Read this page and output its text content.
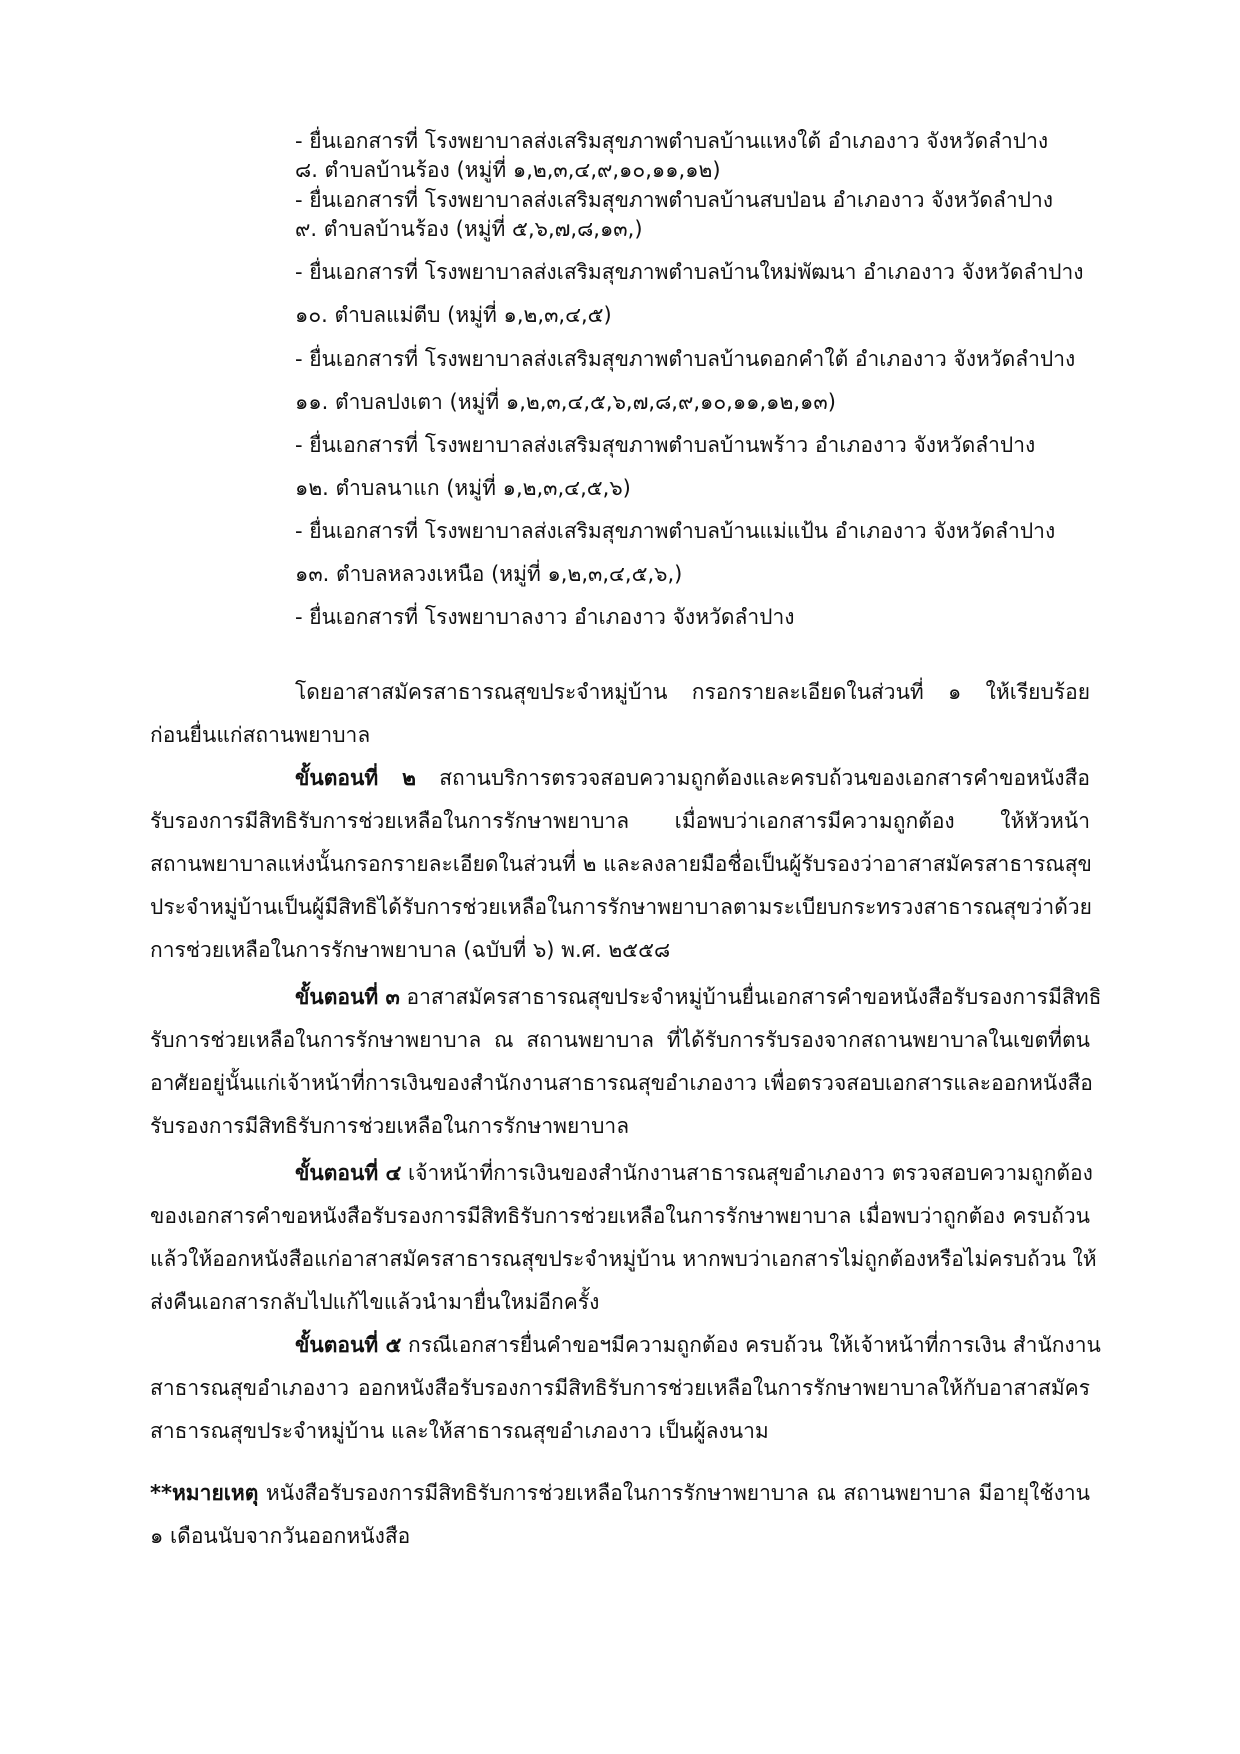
- ยื่นเอกสารที่ โรงพยาบาลส่งเสริมสุขภาพตำบลบ้านแหงใต้ อำเภองาว จังหวัดลำปาง

๘. ตำบลบ้านร้อง (หมู่ที่ ๑,๒,๓,๔,๙,๑๐,๑๑,๑๒)

- ยื่นเอกสารที่ โรงพยาบาลส่งเสริมสุขภาพตำบลบ้านสบป่อน อำเภองาว จังหวัดลำปาง

๙. ตำบลบ้านร้อง (หมู่ที่ ๕,๖,๗,๘,๑๓,)

- ยื่นเอกสารที่ โรงพยาบาลส่งเสริมสุขภาพตำบลบ้านใหม่พัฒนา อำเภองาว จังหวัดลำปาง

๑๐. ตำบลแม่ตีบ (หมู่ที่ ๑,๒,๓,๔,๕)

- ยื่นเอกสารที่ โรงพยาบาลส่งเสริมสุขภาพตำบลบ้านดอกคำใต้ อำเภองาว จังหวัดลำปาง

๑๑. ตำบลปงเตา (หมู่ที่ ๑,๒,๓,๔,๕,๖,๗,๘,๙,๑๐,๑๑,๑๒,๑๓)

- ยื่นเอกสารที่ โรงพยาบาลส่งเสริมสุขภาพตำบลบ้านพร้าว อำเภองาว จังหวัดลำปาง

๑๒. ตำบลนาแก (หมู่ที่ ๑,๒,๓,๔,๕,๖)

- ยื่นเอกสารที่ โรงพยาบาลส่งเสริมสุขภาพตำบลบ้านแม่แป้น อำเภองาว จังหวัดลำปาง

๑๓. ตำบลหลวงเหนือ (หมู่ที่ ๑,๒,๓,๔,๕,๖,)

- ยื่นเอกสารที่ โรงพยาบาลงาว อำเภองาว จังหวัดลำปาง

โดยอาสาสมัครสาธารณสุขประจำหมู่บ้าน กรอกรายละเอียดในส่วนที่ ๑ ให้เรียบร้อย

ก่อนยื่นแก่สถานพยาบาล

ขั้นตอนที่ ๒ สถานบริการตรวจสอบความถูกต้องและครบถ้วนของเอกสารคำขอหนังสือ

รับรองการมีสิทธิรับการช่วยเหลือในการรักษาพยาบาล เมื่อพบว่าเอกสารมีความถูกต้อง ให้หัวหน้า

สถานพยาบาลแห่งนั้นกรอกรายละเอียดในส่วนที่ ๒ และลงลายมือชื่อเป็นผู้รับรองว่าอาสาสมัครสาธารณสุข

ประจำหมู่บ้านเป็นผู้มีสิทธิได้รับการช่วยเหลือในการรักษาพยาบาลตามระเบียบกระทรวงสาธารณสุขว่าด้วย

การช่วยเหลือในการรักษาพยาบาล (ฉบับที่ ๖) พ.ศ. ๒๕๕๘

ขั้นตอนที่ ๓ อาสาสมัครสาธารณสุขประจำหมู่บ้านยื่นเอกสารคำขอหนังสือรับรองการมีสิทธิ

รับการช่วยเหลือในการรักษาพยาบาล ณ สถานพยาบาล ที่ได้รับการรับรองจากสถานพยาบาลในเขตที่ตน

อาศัยอยู่นั้นแก่เจ้าหน้าที่การเงินของสำนักงานสาธารณสุขอำเภองาว เพื่อตรวจสอบเอกสารและออกหนังสือ

รับรองการมีสิทธิรับการช่วยเหลือในการรักษาพยาบาล

ขั้นตอนที่ ๔ เจ้าหน้าที่การเงินของสำนักงานสาธารณสุขอำเภองาว ตรวจสอบความถูกต้อง

ของเอกสารคำขอหนังสือรับรองการมีสิทธิรับการช่วยเหลือในการรักษาพยาบาล เมื่อพบว่าถูกต้อง ครบถ้วน

แล้วให้ออกหนังสือแก่อาสาสมัครสาธารณสุขประจำหมู่บ้าน หากพบว่าเอกสารไม่ถูกต้องหรือไม่ครบถ้วน ให้

ส่งคืนเอกสารกลับไปแก้ไขแล้วนำมายื่นใหม่อีกครั้ง

ขั้นตอนที่ ๕ กรณีเอกสารยื่นคำขอฯมีความถูกต้อง ครบถ้วน ให้เจ้าหน้าที่การเงิน สำนักงาน

สาธารณสุขอำเภองาว ออกหนังสือรับรองการมีสิทธิรับการช่วยเหลือในการรักษาพยาบาลให้กับอาสาสมัคร

สาธารณสุขประจำหมู่บ้าน และให้สาธารณสุขอำเภองาว เป็นผู้ลงนาม

**หมายเหตุ หนังสือรับรองการมีสิทธิรับการช่วยเหลือในการรักษาพยาบาล ณ สถานพยาบาล มีอายุใช้งาน

๑ เดือนนับจากวันออกหนังสือ
